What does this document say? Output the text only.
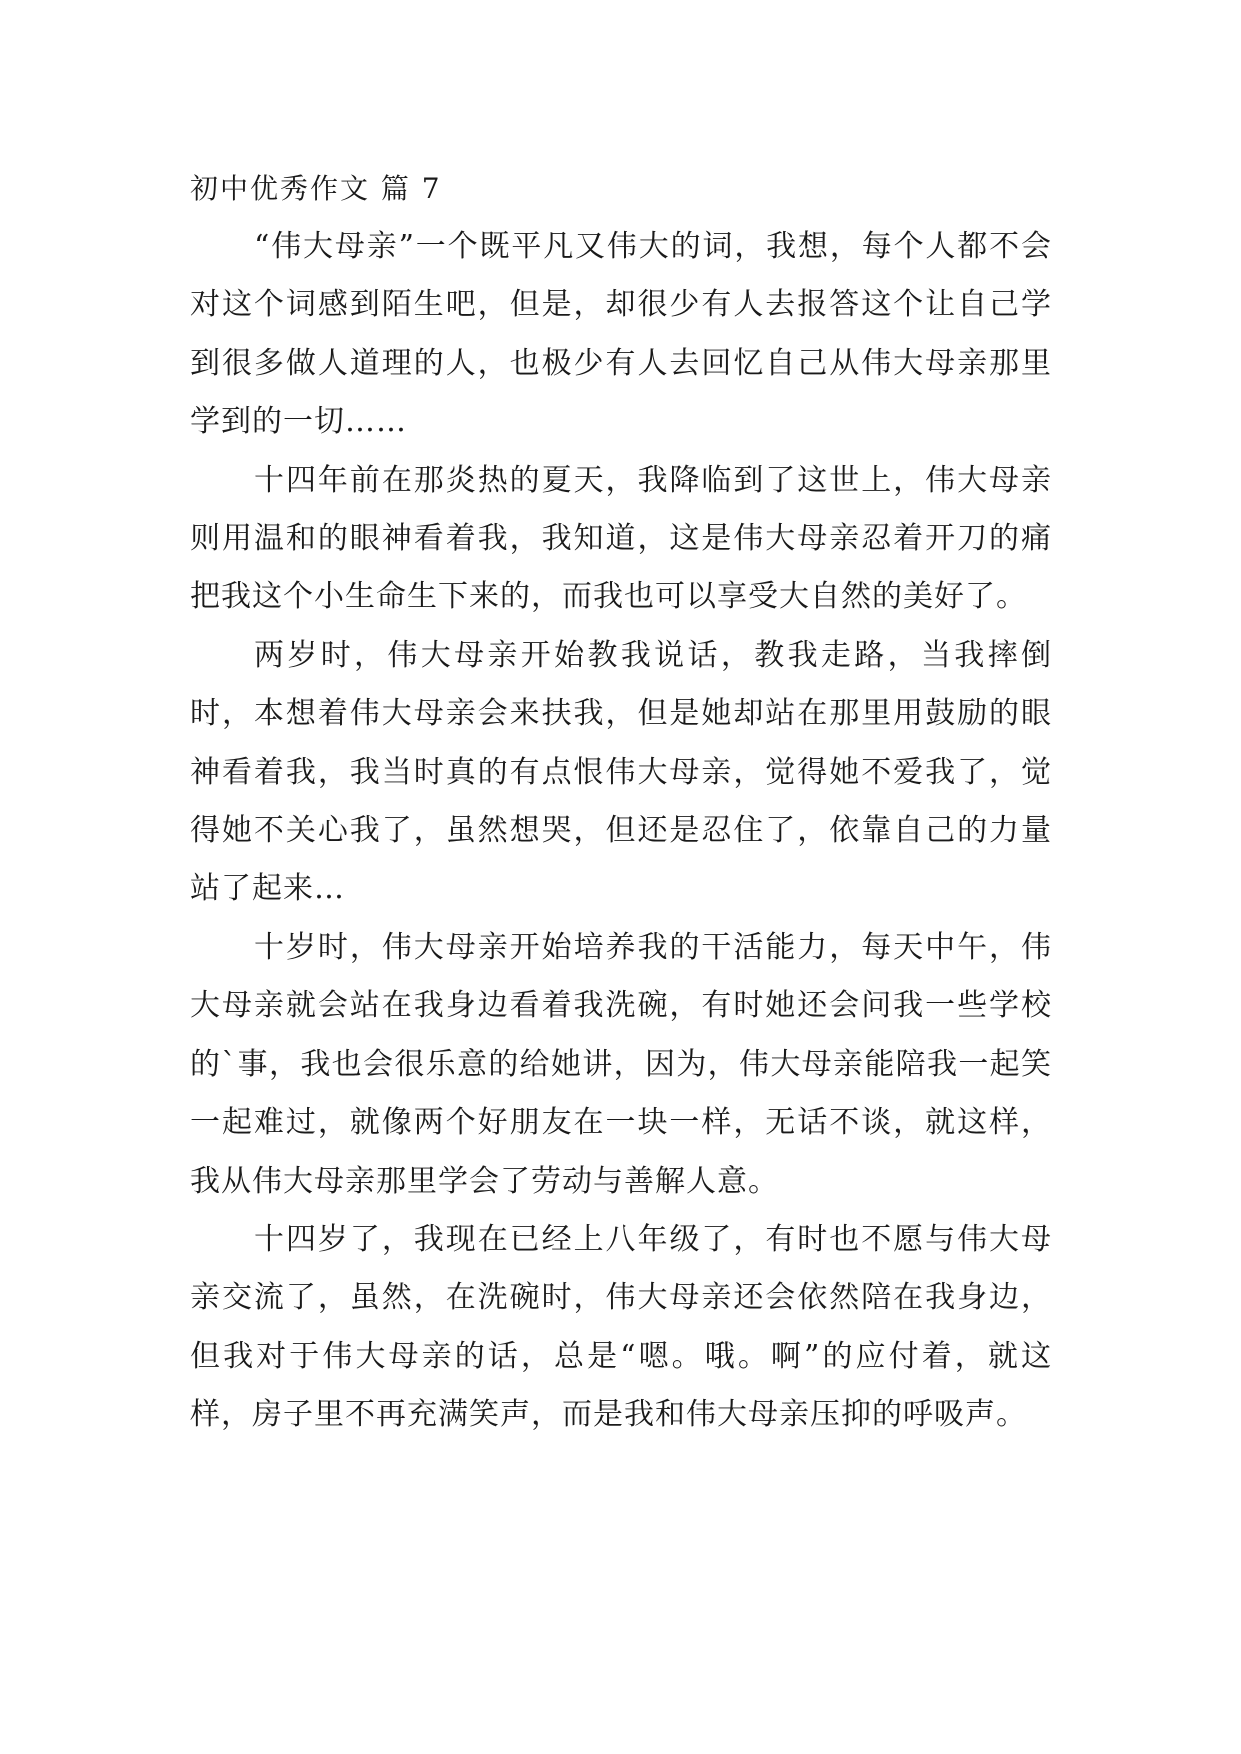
初中优秀作文 篇 7

“伟大母亲”一个既平凡又伟大的词，我想，每个人都不会对这个词感到陌生吧，但是，却很少有人去报答这个让自己学到很多做人道理的人，也极少有人去回忆自己从伟大母亲那里学到的一切……

十四年前在那炎热的夏天，我降临到了这世上，伟大母亲则用温和的眼神看着我，我知道，这是伟大母亲忍着开刀的痛把我这个小生命生下来的，而我也可以享受大自然的美好了。

两岁时，伟大母亲开始教我说话，教我走路，当我摔倒时，本想着伟大母亲会来扶我，但是她却站在那里用鼓励的眼神看着我，我当时真的有点恨伟大母亲，觉得她不爱我了，觉得她不关心我了，虽然想哭，但还是忍住了，依靠自己的力量站了起来…

十岁时，伟大母亲开始培养我的干活能力，每天中午，伟大母亲就会站在我身边看着我洗碗，有时她还会问我一些学校的`事，我也会很乐意的给她讲，因为，伟大母亲能陪我一起笑一起难过，就像两个好朋友在一块一样，无话不谈，就这样，我从伟大母亲那里学会了劳动与善解人意。

十四岁了，我现在已经上八年级了，有时也不愿与伟大母亲交流了，虽然，在洗碗时，伟大母亲还会依然陪在我身边，但我对于伟大母亲的话，总是“嗯。哦。啊”的应付着，就这样，房子里不再充满笑声，而是我和伟大母亲压抑的呼吸声。
